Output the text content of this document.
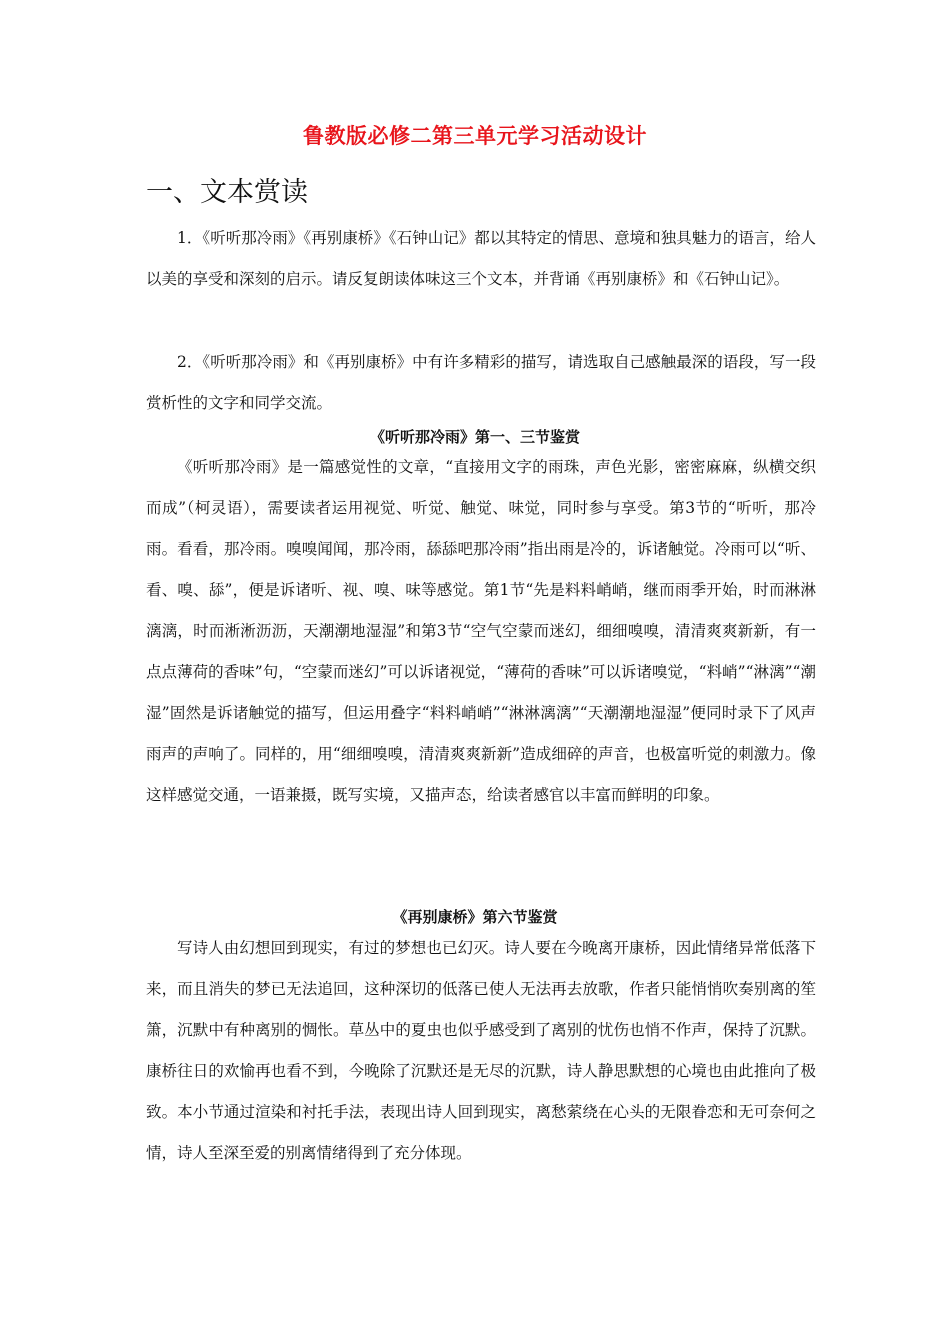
鲁教版必修二第三单元学习活动设计
一、文本赏读
1．《听听那冷雨》《再别康桥》《石钟山记》都以其特定的情思、意境和独具魅力的语言，给人以美的享受和深刻的启示。请反复朗读体味这三个文本，并背诵《再别康桥》和《石钟山记》。
2．《听听那冷雨》和《再别康桥》中有许多精彩的描写，请选取自己感触最深的语段，写一段赏析性的文字和同学交流。
《听听那冷雨》第一、三节鉴赏
《听听那冷雨》是一篇感觉性的文章，“直接用文字的雨珠，声色光影，密密麻麻，纵横交织而成”（柯灵语），需要读者运用视觉、听觉、触觉、味觉，同时参与享受。第3节的“听听，那冷雨。看看，那冷雨。嗅嗅闻闻，那冷雨，舔舔吧那冷雨”指出雨是冷的，诉诸触觉。冷雨可以“听、看、嗅、舔”，便是诉诸听、视、嗅、味等感觉。第1节“先是料料峭峭，继而雨季开始，时而淋淋漓漓，时而淅淅沥沥，天潮潮地湿湿”和第3节“空气空蒙而迷幻，细细嗅嗅，清清爽爽新新，有一点点薄荷的香味”句，“空蒙而迷幻”可以诉诸视觉，“薄荷的香味”可以诉诸嗅觉，“料峭”“淋漓”“潮湿”固然是诉诸触觉的描写，但运用叠字“料料峭峭”“淋淋漓漓”“天潮潮地湿湿”便同时录下了风声雨声的声响了。同样的，用“细细嗅嗅，清清爽爽新新”造成细碎的声音，也极富听觉的刺激力。像这样感觉交通，一语兼摄，既写实境，又描声态，给读者感官以丰富而鲜明的印象。
《再别康桥》第六节鉴赏
写诗人由幻想回到现实，有过的梦想也已幻灭。诗人要在今晚离开康桥，因此情绪异常低落下来，而且消失的梦已无法追回，这种深切的低落已使人无法再去放歌，作者只能悄悄吹奏别离的笙箫，沉默中有种离别的惆怅。草丛中的夏虫也似乎感受到了离别的忧伤也悄不作声，保持了沉默。康桥往日的欢愉再也看不到，今晚除了沉默还是无尽的沉默，诗人静思默想的心境也由此推向了极致。本小节通过渲染和衬托手法，表现出诗人回到现实，离愁萦绕在心头的无限眷恋和无可奈何之情，诗人至深至爱的别离情绪得到了充分体现。
